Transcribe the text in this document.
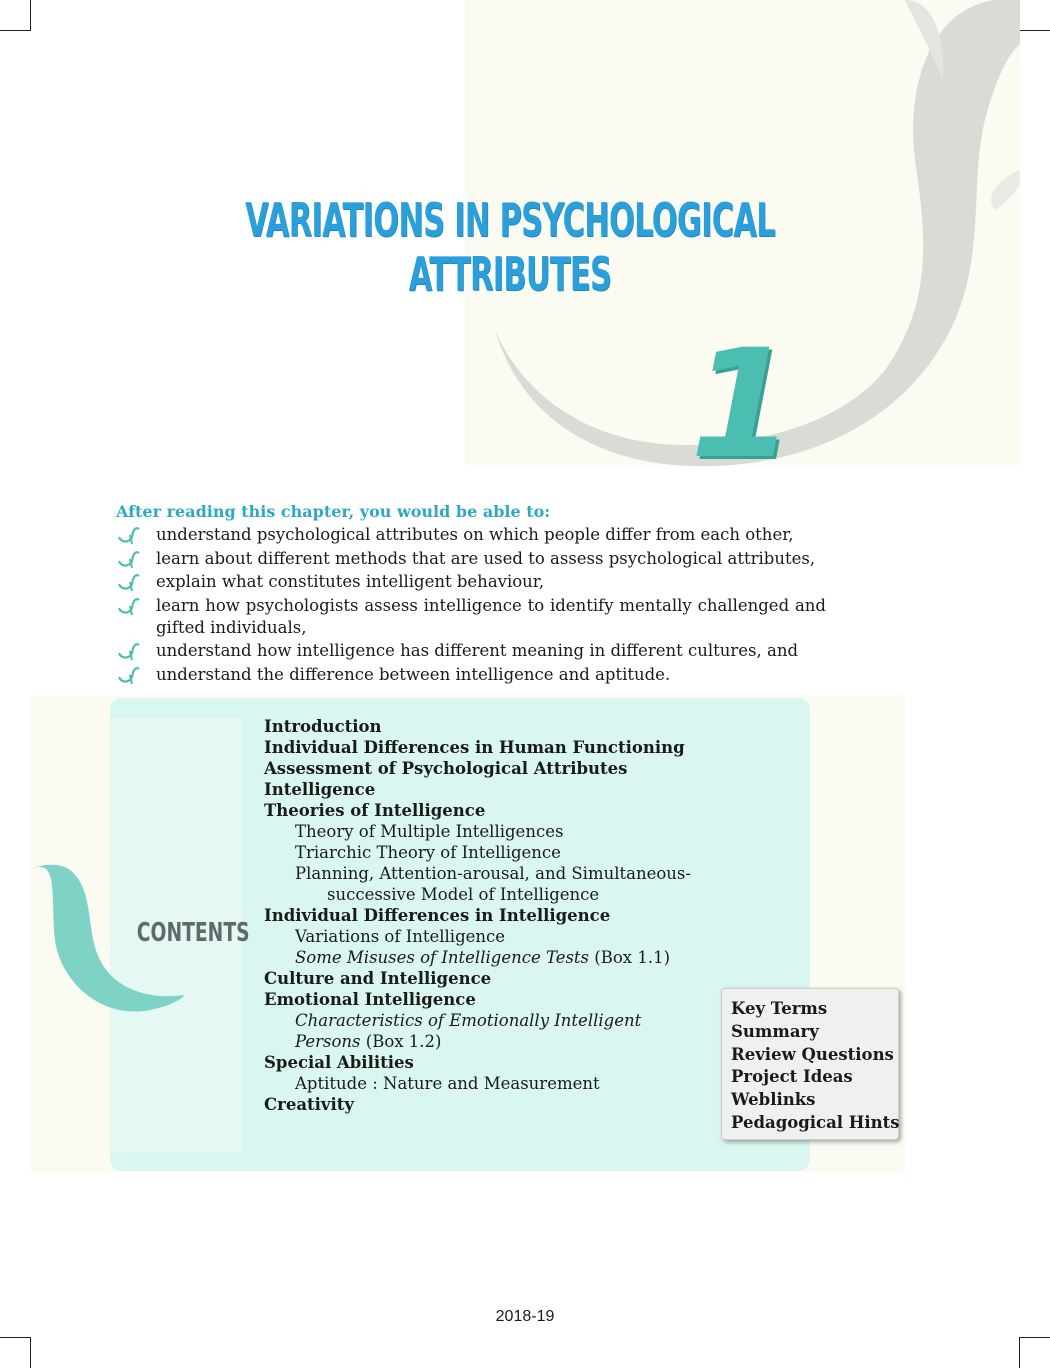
VARIATIONS IN PSYCHOLOGICAL ATTRIBUTES
1
After reading this chapter, you would be able to:
understand psychological attributes on which people differ from each other,
learn about different methods that are used to assess psychological attributes,
explain what constitutes intelligent behaviour,
learn how psychologists assess intelligence to identify mentally challenged and gifted individuals,
understand how intelligence has different meaning in different cultures, and
understand the difference between intelligence and aptitude.
CONTENTS
Introduction
Individual Differences in Human Functioning
Assessment of Psychological Attributes
Intelligence
Theories of Intelligence
Theory of Multiple Intelligences
Triarchic Theory of Intelligence
Planning, Attention-arousal, and Simultaneous-
successive Model of Intelligence
Individual Differences in Intelligence
Variations of Intelligence
Some Misuses of Intelligence Tests (Box 1.1)
Culture and Intelligence
Emotional Intelligence
Characteristics of Emotionally Intelligent
Persons (Box 1.2)
Special Abilities
Aptitude : Nature and Measurement
Creativity
Key Terms
Summary
Review Questions
Project Ideas
Weblinks
Pedagogical Hints
2018-19
